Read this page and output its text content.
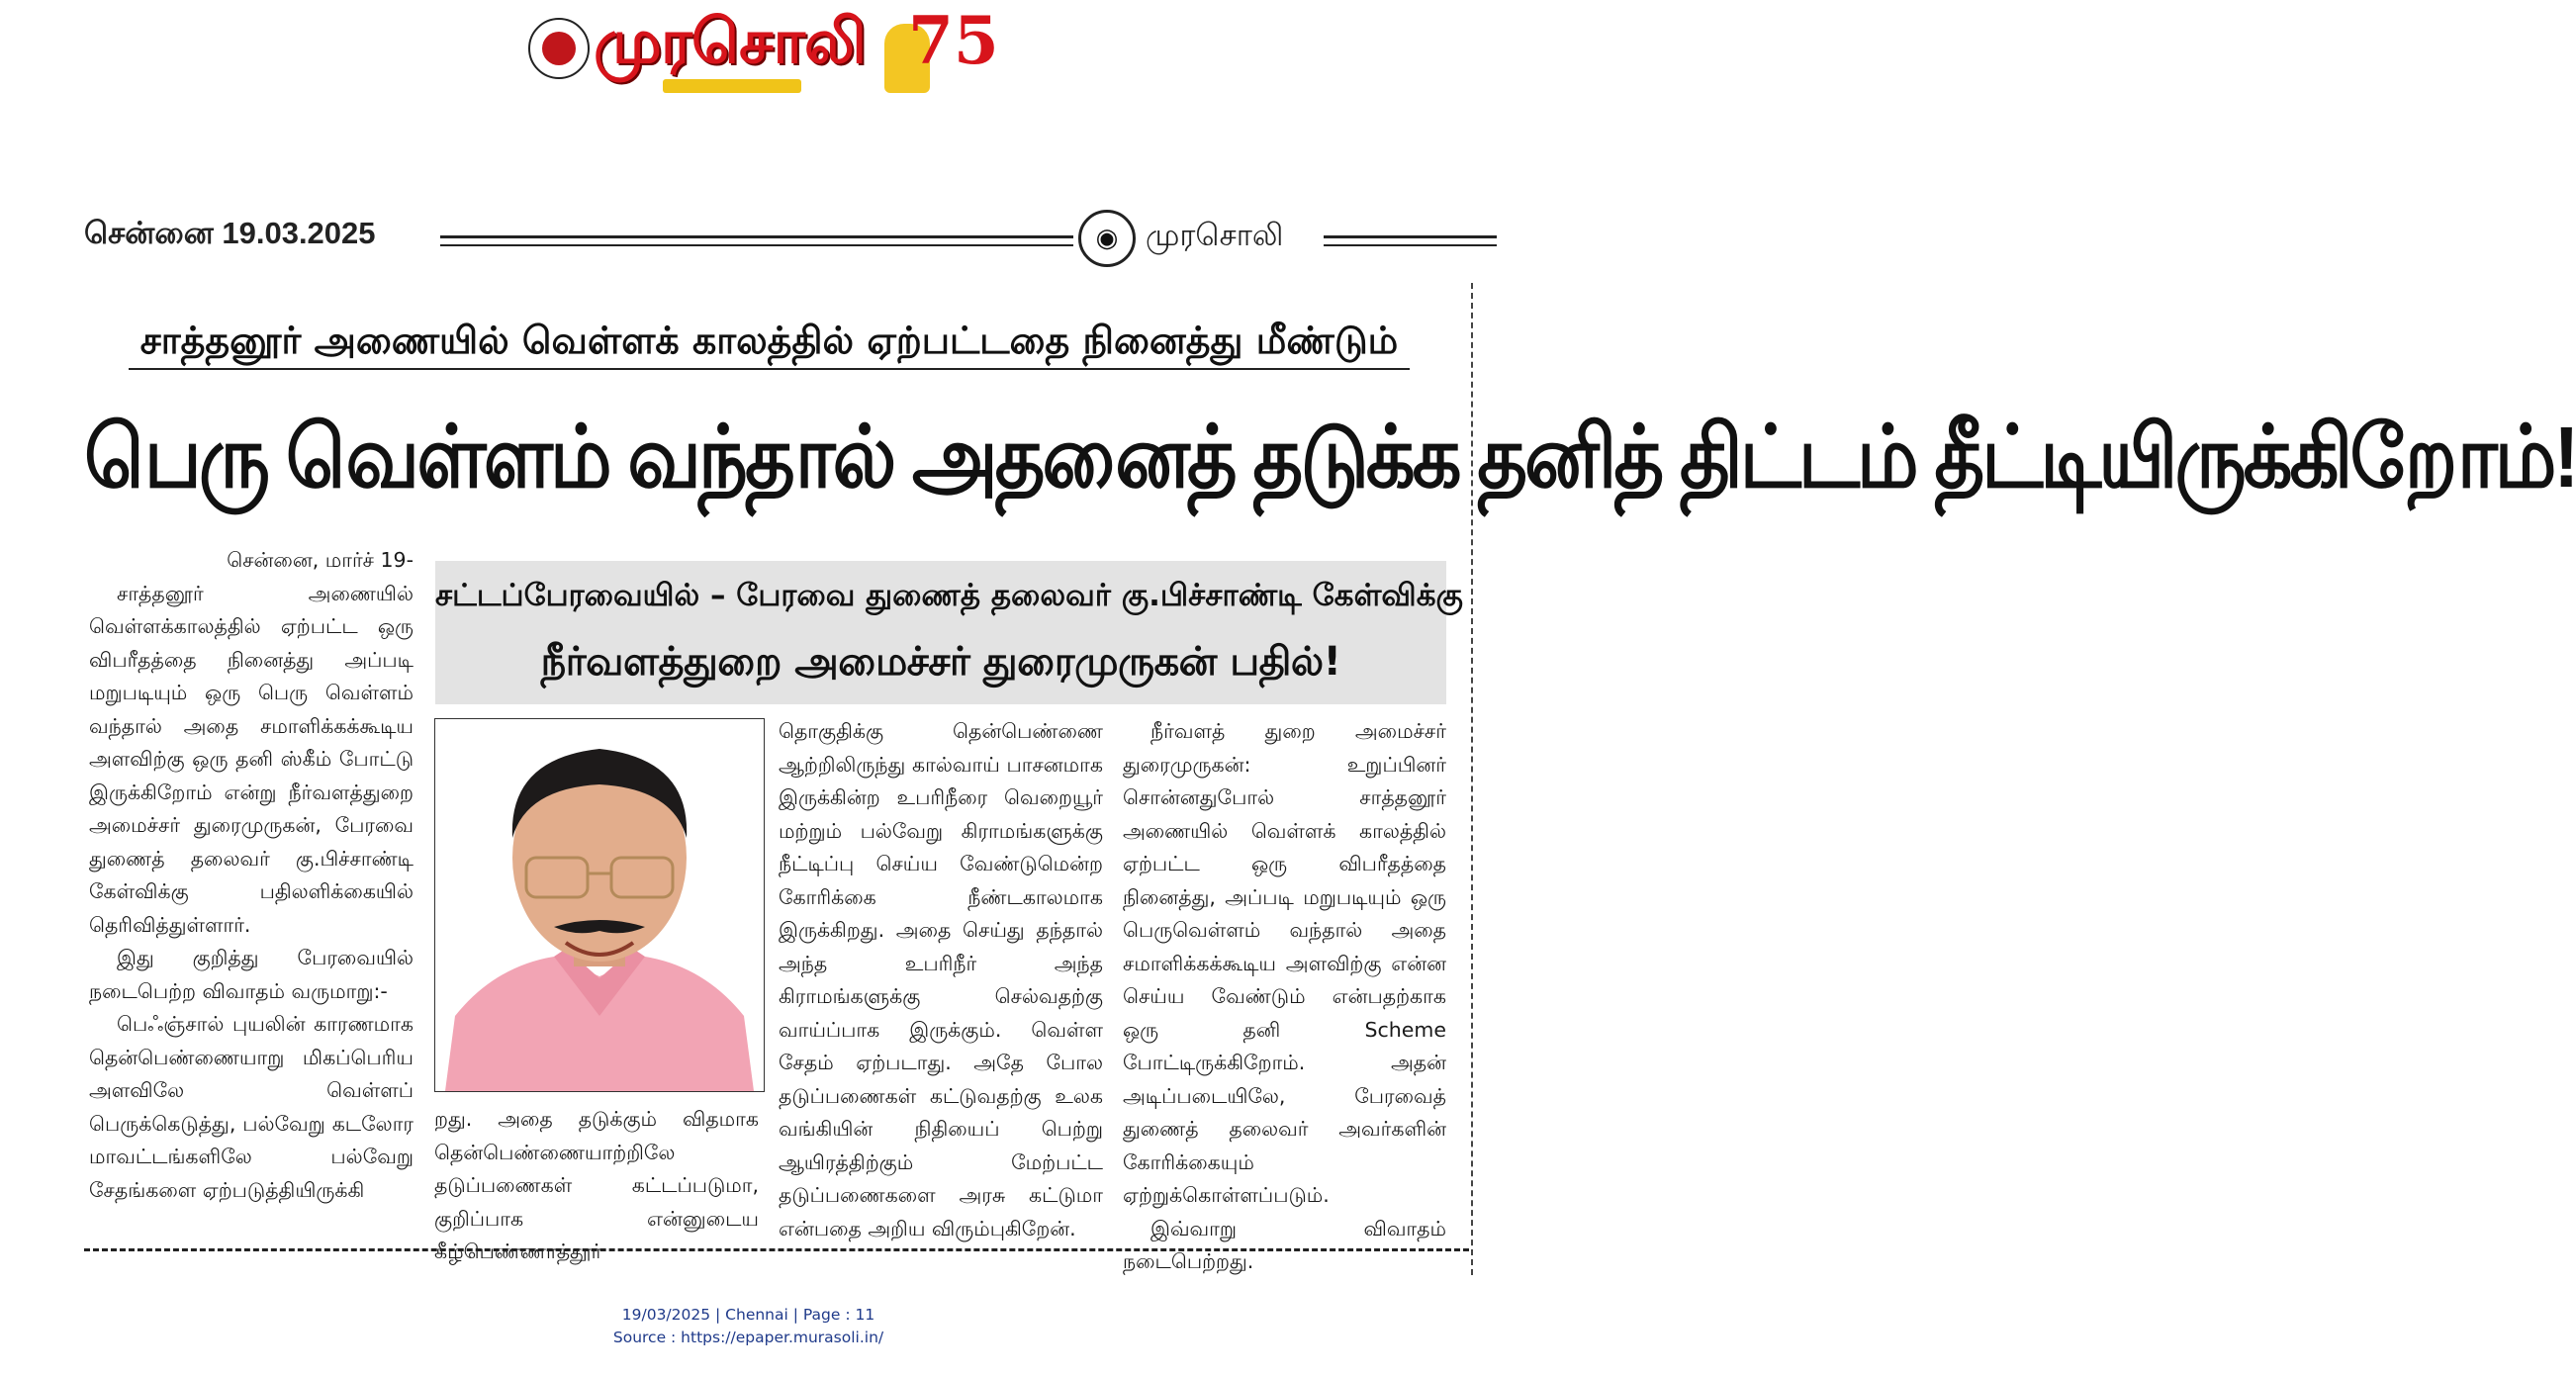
முரசொலி 75
சென்னை 19.03.2025	◉ முரசொலி
சாத்தனூர் அணையில் வெள்ளக் காலத்தில் ஏற்பட்டதை நினைத்து மீண்டும்
பெரு வெள்ளம் வந்தால் அதனைத் தடுக்க தனித் திட்டம் தீட்டியிருக்கிறோம்!

சென்னை, மார்ச் 19-

சாத்தனூர் அணையில் வெள்ளக்காலத்தில் ஏற்பட்ட ஒரு விபரீதத்தை நினைத்து அப்படி மறுபடியும் ஒரு பெரு வெள்ளம் வந்தால் அதை சமாளிக்கக்கூடிய அளவிற்கு ஒரு தனி ஸ்கீம் போட்டு இருக்கிறோம் என்று நீர்வளத்துறை அமைச்சர் துரைமுருகன், பேரவை துணைத் தலைவர் கு.பிச்சாண்டி கேள்விக்கு பதிலளிக்கையில் தெரிவித்துள்ளார்.

இது குறித்து பேரவையில் நடைபெற்ற விவாதம் வருமாறு:-

பெஃஞ்சால் புயலின் காரணமாக தென்பெண்ணையாறு மிகப்பெரிய அளவிலே வெள்ளப் பெருக்கெடுத்து, பல்வேறு கடலோர மாவட்டங்களிலே பல்வேறு சேதங்களை ஏற்படுத்தியிருக்கி

சட்டப்பேரவையில் – பேரவை துணைத் தலைவர் கு.பிச்சாண்டி கேள்விக்கு
நீர்வளத்துறை அமைச்சர் துரைமுருகன் பதில்!

றது. அதை தடுக்கும் விதமாக தென்பெண்ணையாற்றிலே தடுப்பணைகள் கட்டப்படுமா, குறிப்பாக என்னுடைய கீழ்பெண்ணாத்தூர்

தொகுதிக்கு தென்பெண்ணை ஆற்றிலிருந்து கால்வாய் பாசனமாக இருக்கின்ற உபரிநீரை வெறையூர் மற்றும் பல்வேறு கிராமங்களுக்கு நீட்டிப்பு செய்ய வேண்டுமென்ற கோரிக்கை நீண்டகாலமாக இருக்கிறது. அதை செய்து தந்தால் அந்த உபரிநீர் அந்த கிராமங்களுக்கு செல்வதற்கு வாய்ப்பாக இருக்கும். வெள்ள சேதம் ஏற்படாது. அதே போல தடுப்பணைகள் கட்டுவதற்கு உலக வங்கியின் நிதியைப் பெற்று ஆயிரத்திற்கும் மேற்பட்ட தடுப்பணைகளை அரசு கட்டுமா என்பதை அறிய விரும்புகிறேன்.

நீர்வளத் துறை அமைச்சர் துரைமுருகன்: உறுப்பினர் சொன்னதுபோல் சாத்தனூர் அணையில் வெள்ளக் காலத்தில் ஏற்பட்ட ஒரு விபரீதத்தை நினைத்து, அப்படி மறுபடியும் ஒரு பெருவெள்ளம் வந்தால் அதை சமாளிக்கக்கூடிய அளவிற்கு என்ன செய்ய வேண்டும் என்பதற்காக ஒரு தனி Scheme போட்டிருக்கிறோம். அதன் அடிப்படையிலே, பேரவைத் துணைத் தலைவர் அவர்களின் கோரிக்கையும் ஏற்றுக்கொள்ளப்படும்.

இவ்வாறு விவாதம் நடைபெற்றது.

19/03/2025 | Chennai | Page : 11
Source : https://epaper.murasoli.in/
